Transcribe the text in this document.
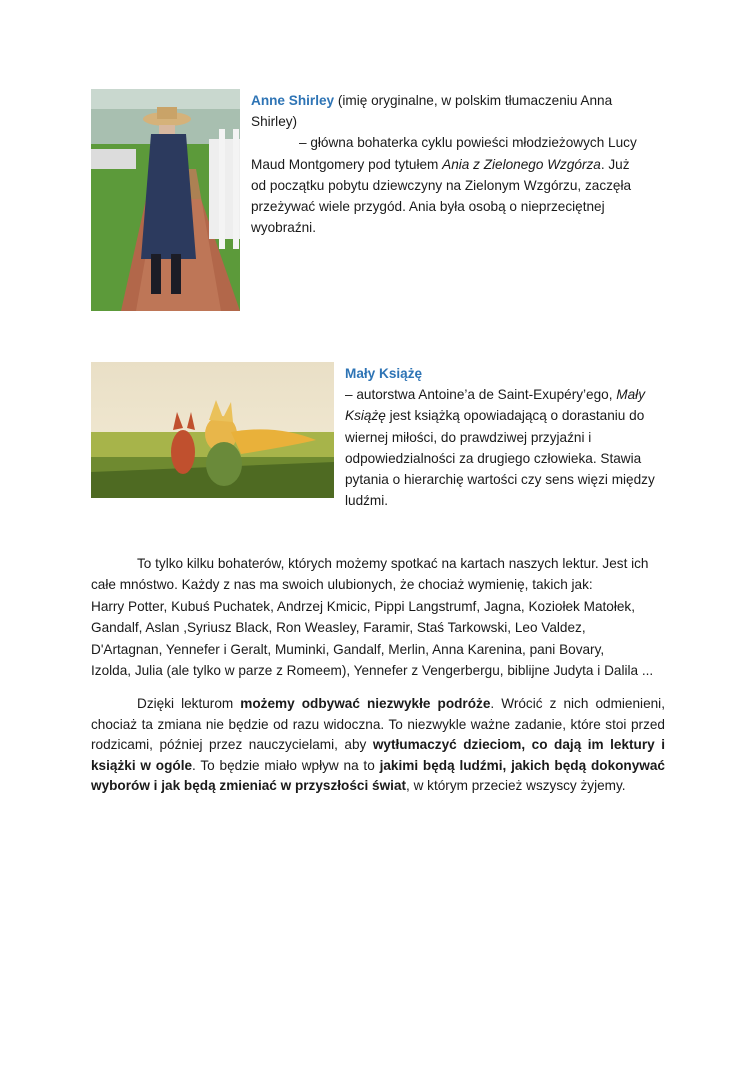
Anne Shirley (imię oryginalne, w polskim tłumaczeniu Anna Shirley)
– główna bohaterka cyklu powieści młodzieżowych Lucy Maud Montgomery pod tytułem Ania z Zielonego Wzgórza. Już od początku pobytu dziewczyny na Zielonym Wzgórzu, zaczęła przeżywać wiele przygód. Ania była osobą o nieprzeciętnej wyobraźni.
Mały Książę
– autorstwa Antoine’a de Saint-Exupéry’ego, Mały Książę jest książką opowiadającą o dorastaniu do wiernej miłości, do prawdziwej przyjaźni i odpowiedzialności za drugiego człowieka. Stawia pytania o hierarchię wartości czy sens więzi między ludźmi.

To tylko kilku bohaterów, których możemy spotkać na kartach naszych lektur. Jest ich

całe mnóstwo. Każdy z nas ma swoich ulubionych, że chociaż wymienię, takich jak:

Harry Potter, Kubuś Puchatek, Andrzej Kmicic, Pippi Langstrumf, Jagna, Koziołek Matołek,

Gandalf, Aslan ,Syriusz Black, Ron Weasley, Faramir, Staś Tarkowski, Leo Valdez,

D'Artagnan, Yennefer i Geralt, Muminki, Gandalf, Merlin, Anna Karenina, pani Bovary,

Izolda, Julia (ale tylko w parze z Romeem), Yennefer z Vengerbergu, biblijne Judyta i Dalila ...

Dzięki lekturom możemy odbywać niezwykłe podróże. Wrócić z nich odmienieni, chociaż ta zmiana nie będzie od razu widoczna. To niezwykle ważne zadanie, które stoi przed rodzicami, później przez nauczycielami, aby wytłumaczyć dzieciom, co dają im lektury i książki w ogóle. To będzie miało wpływ na to jakimi będą ludźmi, jakich będą dokonywać wyborów i jak będą zmieniać w przyszłości świat, w którym przecież wszyscy żyjemy.
